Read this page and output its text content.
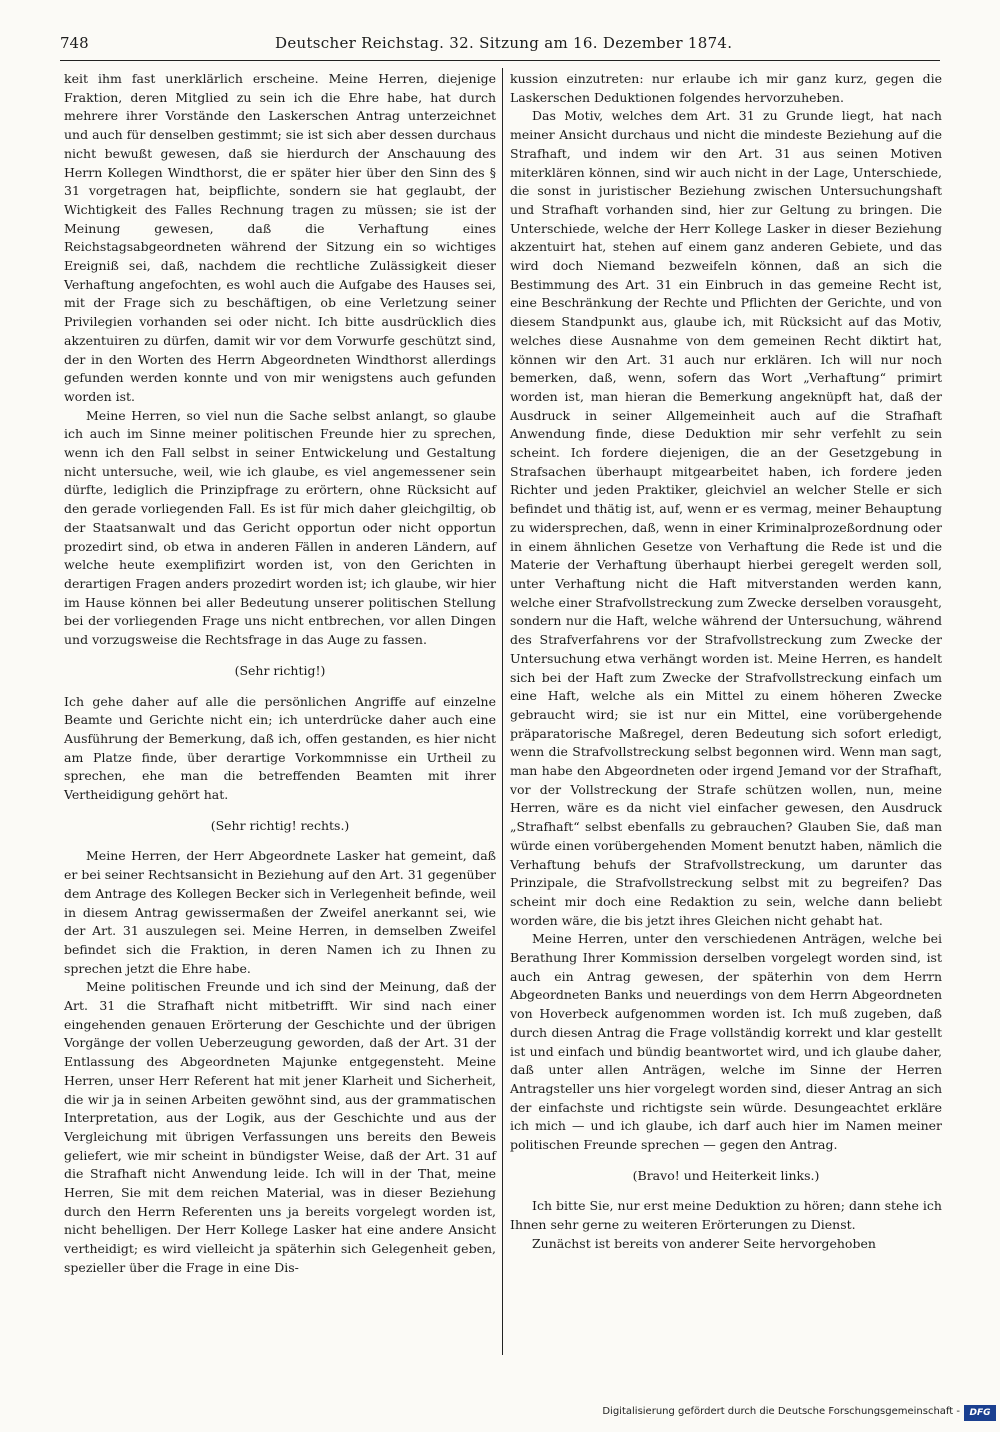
748	Deutscher Reichstag. 32. Sitzung am 16. Dezember 1874.

keit ihm fast unerklärlich erscheine. Meine Herren, diejenige Fraktion, deren Mitglied zu sein ich die Ehre habe, hat durch mehrere ihrer Vorstände den Laskerschen Antrag unterzeichnet und auch für denselben gestimmt; sie ist sich aber dessen durchaus nicht bewußt gewesen, daß sie hierdurch der Anschauung des Herrn Kollegen Windthorst, die er später hier über den Sinn des § 31 vorgetragen hat, beipflichte, sondern sie hat geglaubt, der Wichtigkeit des Falles Rechnung tragen zu müssen; sie ist der Meinung gewesen, daß die Verhaftung eines Reichstagsabgeordneten während der Sitzung ein so wichtiges Ereigniß sei, daß, nachdem die rechtliche Zulässigkeit dieser Verhaftung angefochten, es wohl auch die Aufgabe des Hauses sei, mit der Frage sich zu beschäftigen, ob eine Verletzung seiner Privilegien vorhanden sei oder nicht. Ich bitte ausdrücklich dies akzentuiren zu dürfen, damit wir vor dem Vorwurfe geschützt sind, der in den Worten des Herrn Abgeordneten Windthorst allerdings gefunden werden konnte und von mir wenigstens auch gefunden worden ist.

Meine Herren, so viel nun die Sache selbst anlangt, so glaube ich auch im Sinne meiner politischen Freunde hier zu sprechen, wenn ich den Fall selbst in seiner Entwickelung und Gestaltung nicht untersuche, weil, wie ich glaube, es viel angemessener sein dürfte, lediglich die Prinzipfrage zu erörtern, ohne Rücksicht auf den gerade vorliegenden Fall. Es ist für mich daher gleichgiltig, ob der Staatsanwalt und das Gericht opportun oder nicht opportun prozedirt sind, ob etwa in anderen Fällen in anderen Ländern, auf welche heute exemplifizirt worden ist, von den Gerichten in derartigen Fragen anders prozedirt worden ist; ich glaube, wir hier im Hause können bei aller Bedeutung unserer politischen Stellung bei der vorliegenden Frage uns nicht entbrechen, vor allen Dingen und vorzugsweise die Rechtsfrage in das Auge zu fassen.

(Sehr richtig!)

Ich gehe daher auf alle die persönlichen Angriffe auf einzelne Beamte und Gerichte nicht ein; ich unterdrücke daher auch eine Ausführung der Bemerkung, daß ich, offen gestanden, es hier nicht am Platze finde, über derartige Vorkommnisse ein Urtheil zu sprechen, ehe man die betreffenden Beamten mit ihrer Vertheidigung gehört hat.

(Sehr richtig! rechts.)

Meine Herren, der Herr Abgeordnete Lasker hat gemeint, daß er bei seiner Rechtsansicht in Beziehung auf den Art. 31 gegenüber dem Antrage des Kollegen Becker sich in Verlegenheit befinde, weil in diesem Antrag gewissermaßen der Zweifel anerkannt sei, wie der Art. 31 auszulegen sei. Meine Herren, in demselben Zweifel befindet sich die Fraktion, in deren Namen ich zu Ihnen zu sprechen jetzt die Ehre habe.

Meine politischen Freunde und ich sind der Meinung, daß der Art. 31 die Strafhaft nicht mitbetrifft. Wir sind nach einer eingehenden genauen Erörterung der Geschichte und der übrigen Vorgänge der vollen Ueberzeugung geworden, daß der Art. 31 der Entlassung des Abgeordneten Majunke entgegensteht. Meine Herren, unser Herr Referent hat mit jener Klarheit und Sicherheit, die wir ja in seinen Arbeiten gewöhnt sind, aus der grammatischen Interpretation, aus der Logik, aus der Geschichte und aus der Vergleichung mit übrigen Verfassungen uns bereits den Beweis geliefert, wie mir scheint in bündigster Weise, daß der Art. 31 auf die Strafhaft nicht Anwendung leide. Ich will in der That, meine Herren, Sie mit dem reichen Material, was in dieser Beziehung durch den Herrn Referenten uns ja bereits vorgelegt worden ist, nicht behelligen. Der Herr Kollege Lasker hat eine andere Ansicht vertheidigt; es wird vielleicht ja späterhin sich Gelegenheit geben, spezieller über die Frage in eine Dis-

kussion einzutreten: nur erlaube ich mir ganz kurz, gegen die Laskerschen Deduktionen folgendes hervorzuheben.

Das Motiv, welches dem Art. 31 zu Grunde liegt, hat nach meiner Ansicht durchaus und nicht die mindeste Beziehung auf die Strafhaft, und indem wir den Art. 31 aus seinen Motiven miterklären können, sind wir auch nicht in der Lage, Unterschiede, die sonst in juristischer Beziehung zwischen Untersuchungshaft und Strafhaft vorhanden sind, hier zur Geltung zu bringen. Die Unterschiede, welche der Herr Kollege Lasker in dieser Beziehung akzentuirt hat, stehen auf einem ganz anderen Gebiete, und das wird doch Niemand bezweifeln können, daß an sich die Bestimmung des Art. 31 ein Einbruch in das gemeine Recht ist, eine Beschränkung der Rechte und Pflichten der Gerichte, und von diesem Standpunkt aus, glaube ich, mit Rücksicht auf das Motiv, welches diese Ausnahme von dem gemeinen Recht diktirt hat, können wir den Art. 31 auch nur erklären. Ich will nur noch bemerken, daß, wenn, sofern das Wort „Verhaftung“ primirt worden ist, man hieran die Bemerkung angeknüpft hat, daß der Ausdruck in seiner Allgemeinheit auch auf die Strafhaft Anwendung finde, diese Deduktion mir sehr verfehlt zu sein scheint. Ich fordere diejenigen, die an der Gesetzgebung in Strafsachen überhaupt mitgearbeitet haben, ich fordere jeden Richter und jeden Praktiker, gleichviel an welcher Stelle er sich befindet und thätig ist, auf, wenn er es vermag, meiner Behauptung zu widersprechen, daß, wenn in einer Kriminalprozeßordnung oder in einem ähnlichen Gesetze von Verhaftung die Rede ist und die Materie der Verhaftung überhaupt hierbei geregelt werden soll, unter Verhaftung nicht die Haft mitverstanden werden kann, welche einer Strafvollstreckung zum Zwecke derselben vorausgeht, sondern nur die Haft, welche während der Untersuchung, während des Strafverfahrens vor der Strafvollstreckung zum Zwecke der Untersuchung etwa verhängt worden ist. Meine Herren, es handelt sich bei der Haft zum Zwecke der Strafvollstreckung einfach um eine Haft, welche als ein Mittel zu einem höheren Zwecke gebraucht wird; sie ist nur ein Mittel, eine vorübergehende präparatorische Maßregel, deren Bedeutung sich sofort erledigt, wenn die Strafvollstreckung selbst begonnen wird. Wenn man sagt, man habe den Abgeordneten oder irgend Jemand vor der Strafhaft, vor der Vollstreckung der Strafe schützen wollen, nun, meine Herren, wäre es da nicht viel einfacher gewesen, den Ausdruck „Strafhaft“ selbst ebenfalls zu gebrauchen? Glauben Sie, daß man würde einen vorübergehenden Moment benutzt haben, nämlich die Verhaftung behufs der Strafvollstreckung, um darunter das Prinzipale, die Strafvollstreckung selbst mit zu begreifen? Das scheint mir doch eine Redaktion zu sein, welche dann beliebt worden wäre, die bis jetzt ihres Gleichen nicht gehabt hat.

Meine Herren, unter den verschiedenen Anträgen, welche bei Berathung Ihrer Kommission derselben vorgelegt worden sind, ist auch ein Antrag gewesen, der späterhin von dem Herrn Abgeordneten Banks und neuerdings von dem Herrn Abgeordneten von Hoverbeck aufgenommen worden ist. Ich muß zugeben, daß durch diesen Antrag die Frage vollständig korrekt und klar gestellt ist und einfach und bündig beantwortet wird, und ich glaube daher, daß unter allen Anträgen, welche im Sinne der Herren Antragsteller uns hier vorgelegt worden sind, dieser Antrag an sich der einfachste und richtigste sein würde. Desungeachtet erkläre ich mich — und ich glaube, ich darf auch hier im Namen meiner politischen Freunde sprechen — gegen den Antrag.

(Bravo! und Heiterkeit links.)

Ich bitte Sie, nur erst meine Deduktion zu hören; dann stehe ich Ihnen sehr gerne zu weiteren Erörterungen zu Dienst.

Zunächst ist bereits von anderer Seite hervorgehoben

Digitalisierung gefördert durch die Deutsche Forschungsgemeinschaft -	DFG
